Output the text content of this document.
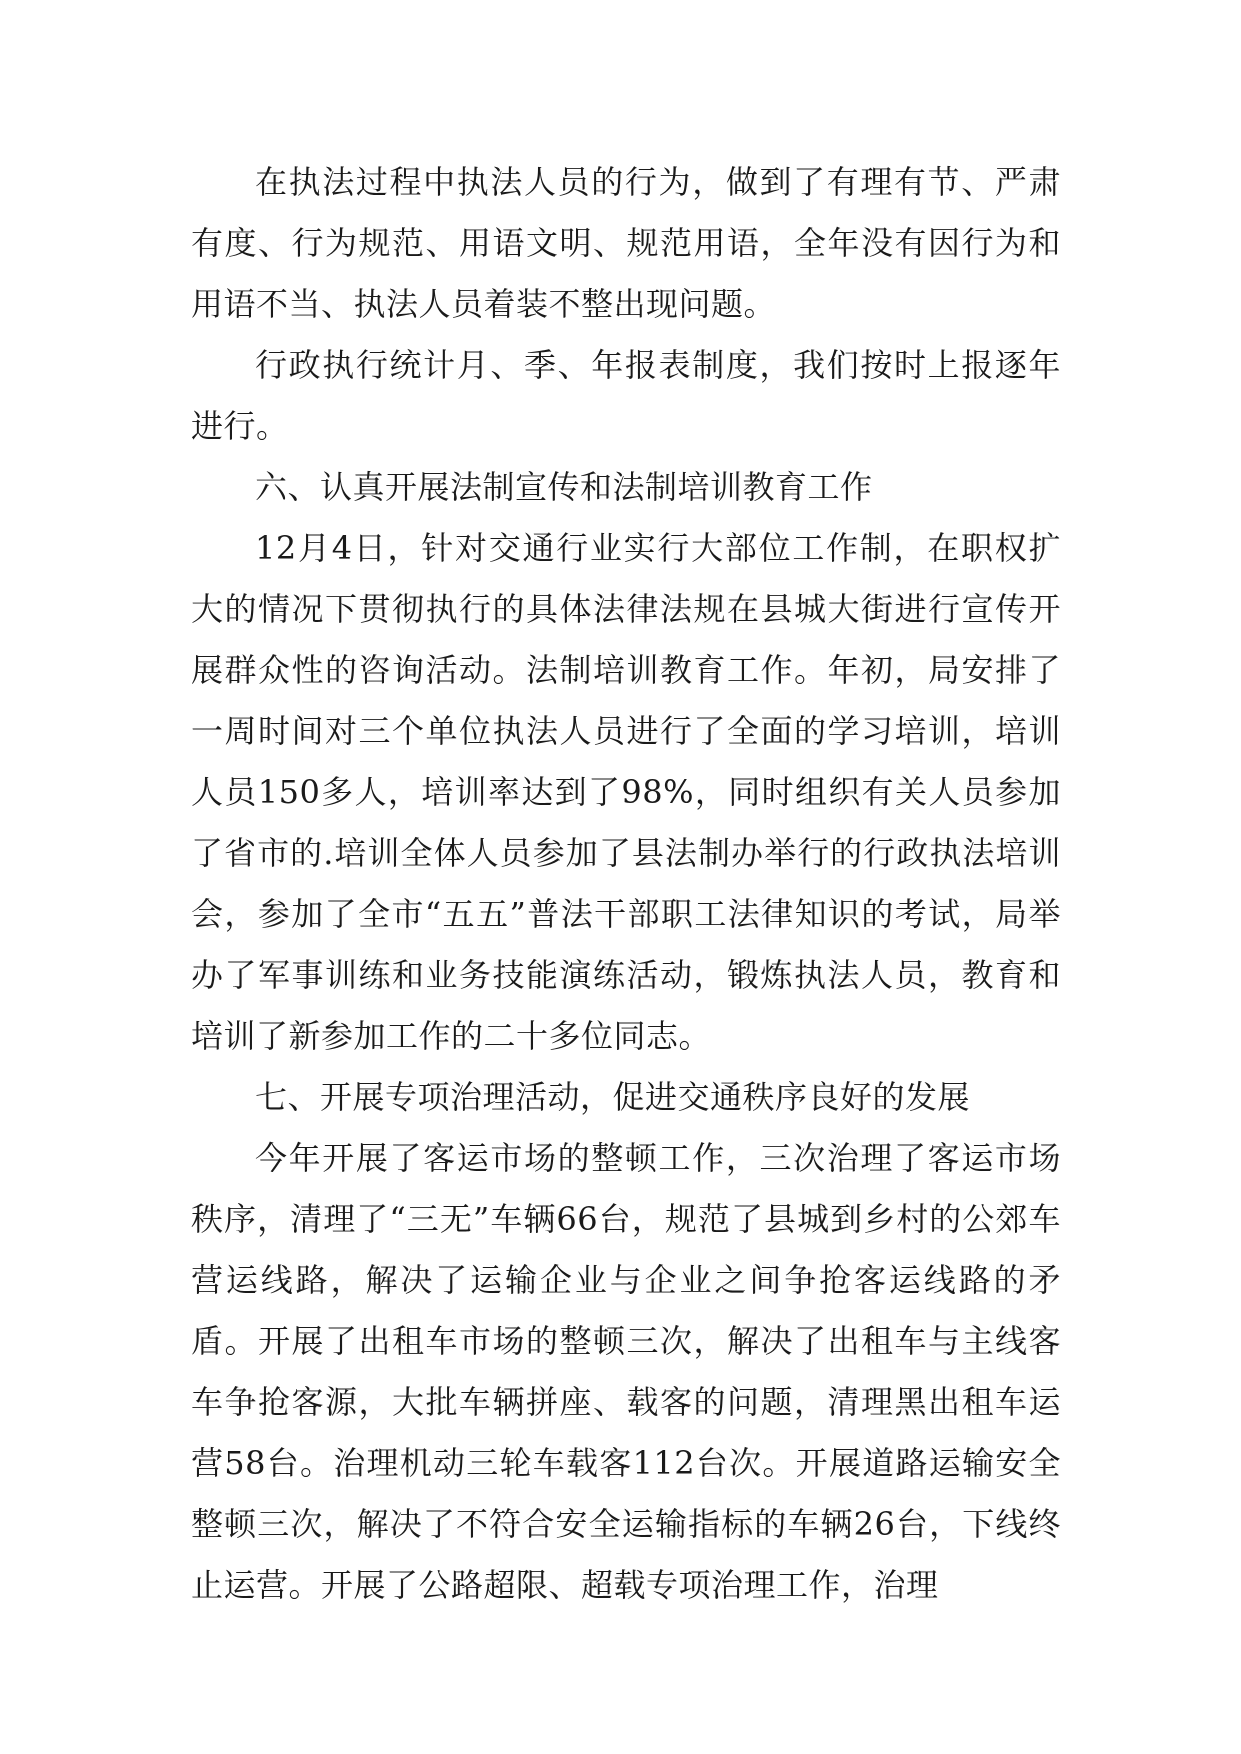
在执法过程中执法人员的行为，做到了有理有节、严肃有度、行为规范、用语文明、规范用语，全年没有因行为和用语不当、执法人员着装不整出现问题。

行政执行统计月、季、年报表制度，我们按时上报逐年进行。

六、认真开展法制宣传和法制培训教育工作

12月4日，针对交通行业实行大部位工作制，在职权扩大的情况下贯彻执行的具体法律法规在县城大街进行宣传开展群众性的咨询活动。法制培训教育工作。年初，局安排了一周时间对三个单位执法人员进行了全面的学习培训，培训人员150多人，培训率达到了98%，同时组织有关人员参加了省市的.培训全体人员参加了县法制办举行的行政执法培训会，参加了全市“五五”普法干部职工法律知识的考试，局举办了军事训练和业务技能演练活动，锻炼执法人员，教育和培训了新参加工作的二十多位同志。

七、开展专项治理活动，促进交通秩序良好的发展

今年开展了客运市场的整顿工作，三次治理了客运市场秩序，清理了“三无”车辆66台，规范了县城到乡村的公郊车营运线路，解决了运输企业与企业之间争抢客运线路的矛盾。开展了出租车市场的整顿三次，解决了出租车与主线客车争抢客源，大批车辆拼座、载客的问题，清理黑出租车运营58台。治理机动三轮车载客112台次。开展道路运输安全整顿三次，解决了不符合安全运输指标的车辆26台，下线终止运营。开展了公路超限、超载专项治理工作，治理
